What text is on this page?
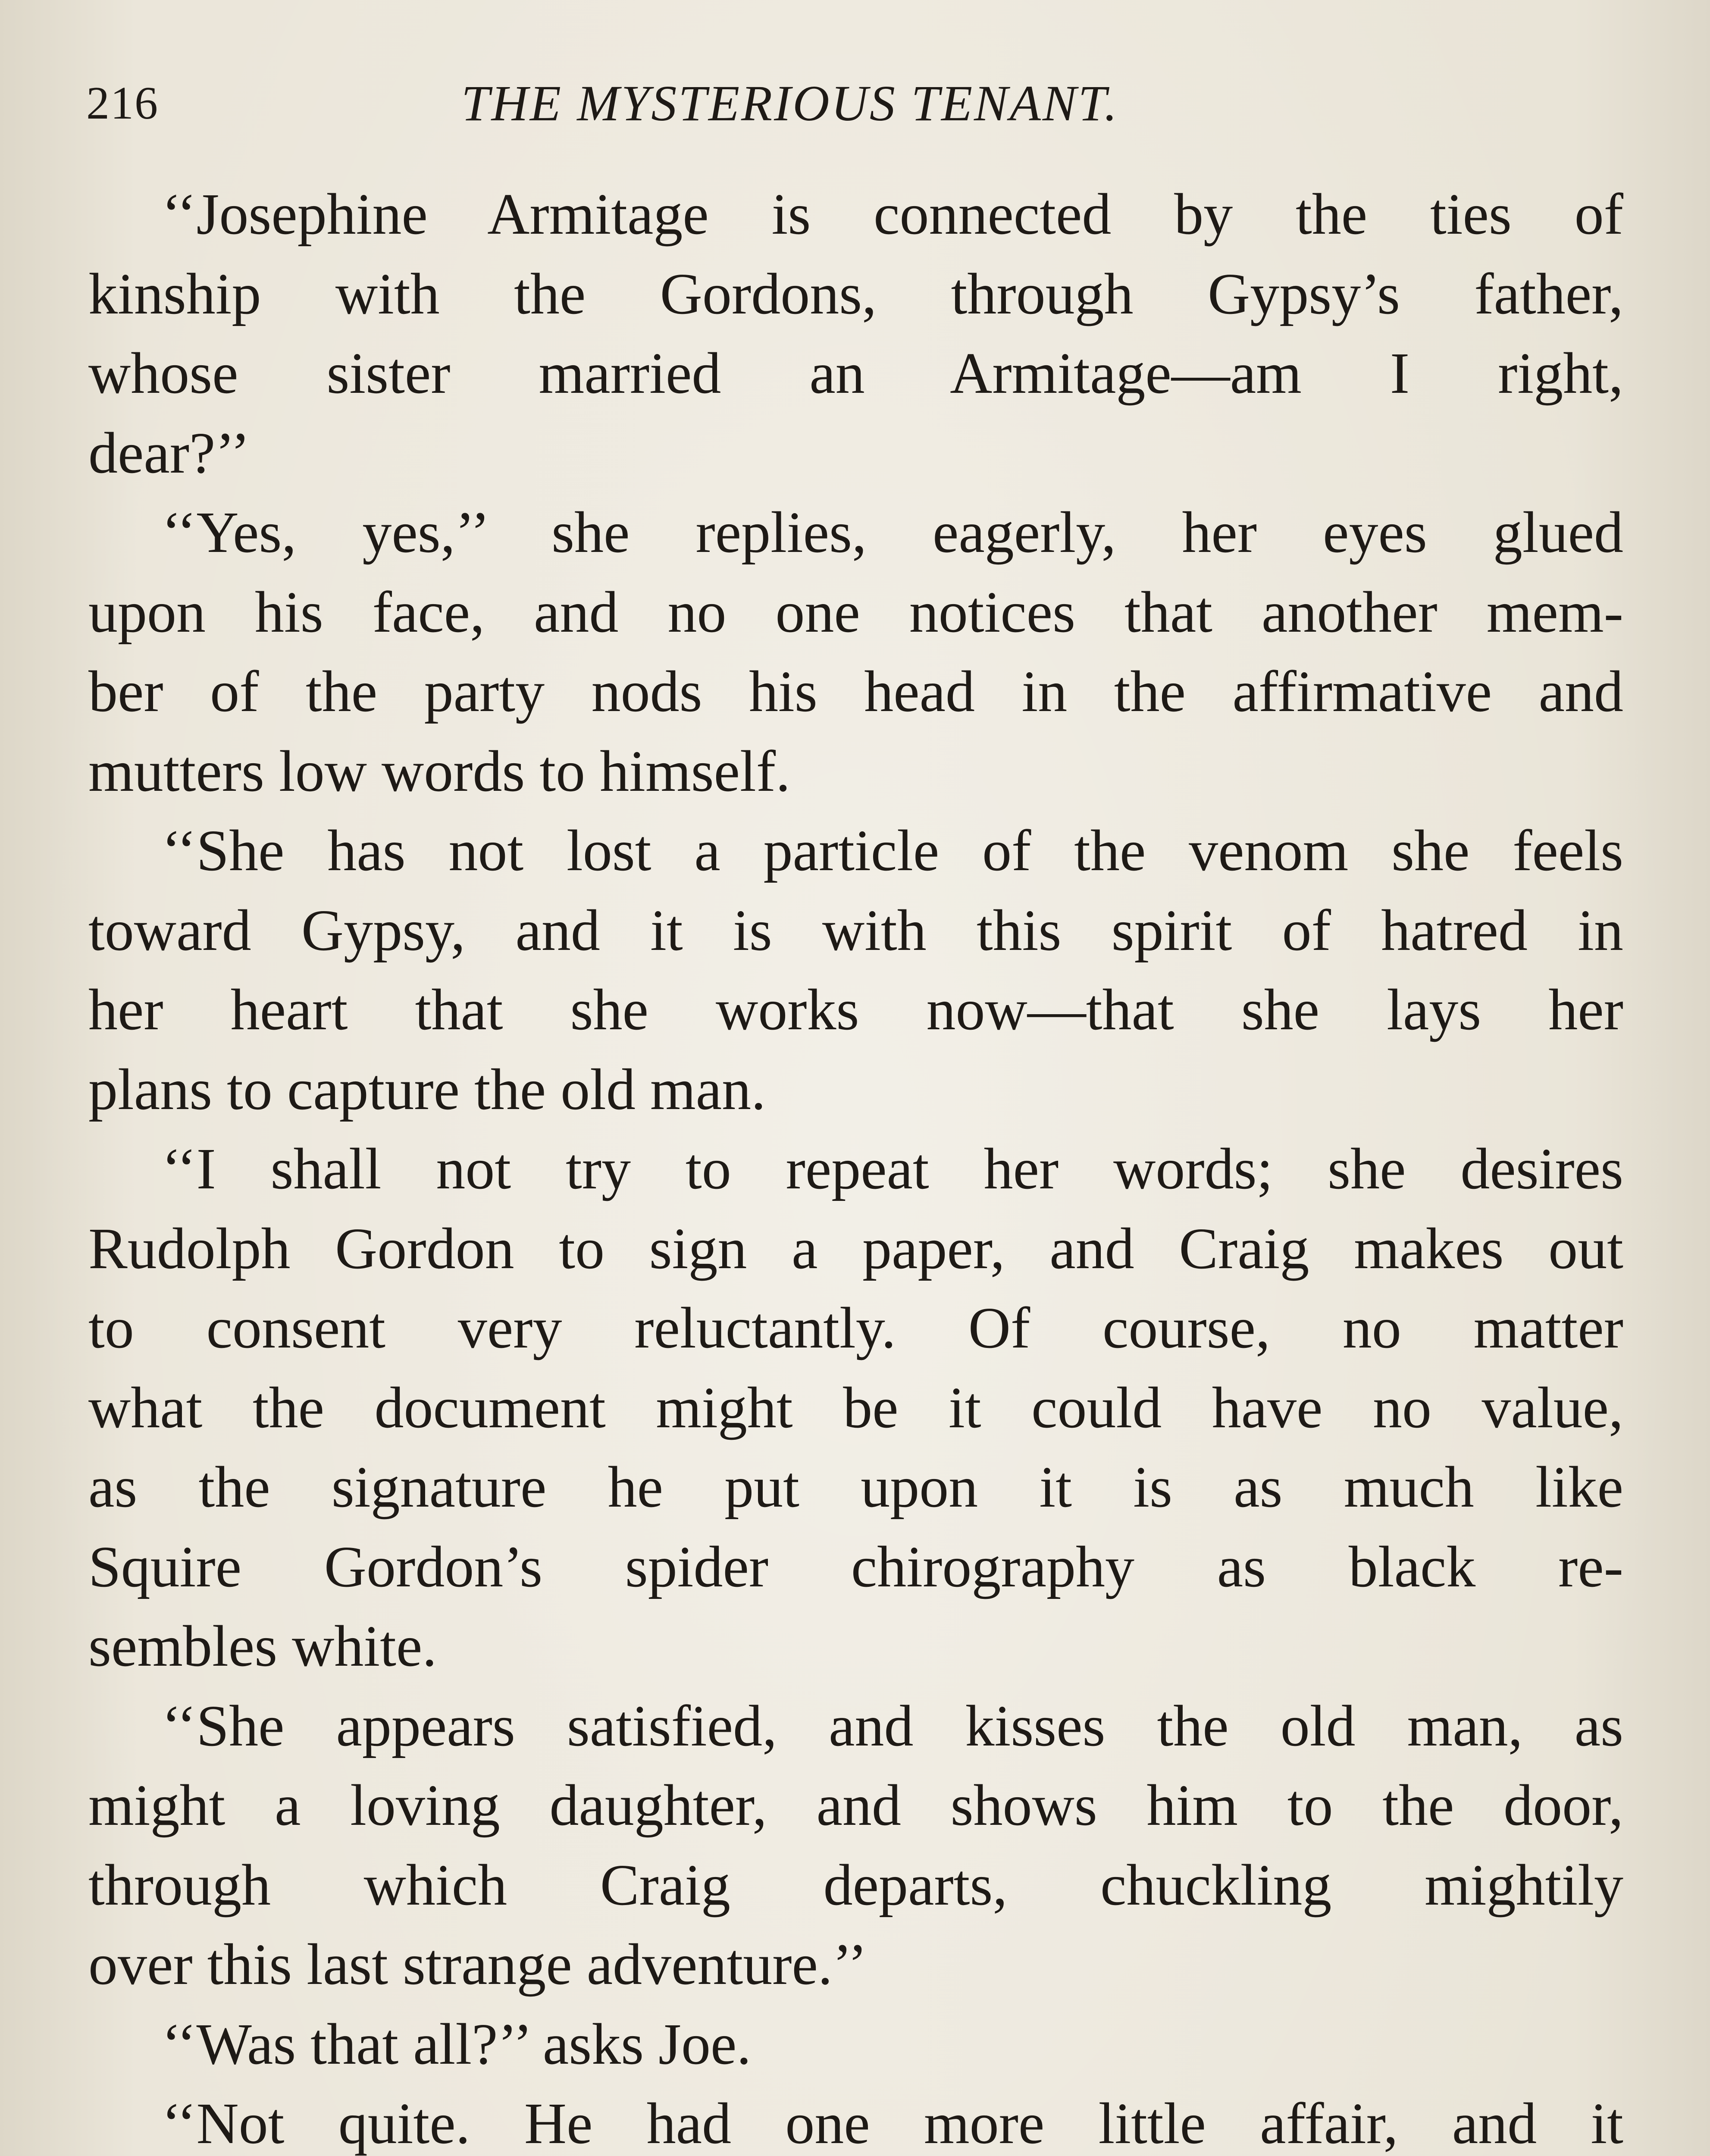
216	THE MYSTERIOUS TENANT.
‘‘Josephine Armitage is connected by the ties of
kinship with the Gordons, through Gypsy’s father,
whose sister married an Armitage—am I right,
dear?’’
‘‘Yes, yes,’’ she replies, eagerly, her eyes glued
upon his face, and no one notices that another mem-
ber of the party nods his head in the affirmative and
mutters low words to himself.
‘‘She has not lost a particle of the venom she feels
toward Gypsy, and it is with this spirit of hatred in
her heart that she works now—that she lays her
plans to capture the old man.
‘‘I shall not try to repeat her words; she desires
Rudolph Gordon to sign a paper, and Craig makes out
to consent very reluctantly. Of course, no matter
what the document might be it could have no value,
as the signature he put upon it is as much like
Squire Gordon’s spider chirography as black re-
sembles white.
‘‘She appears satisfied, and kisses the old man, as
might a loving daughter, and shows him to the door,
through which Craig departs, chuckling mightily
over this last strange adventure.’’
‘‘Was that all?’’ asks Joe.
‘‘Not quite. He had one more little affair, and it
